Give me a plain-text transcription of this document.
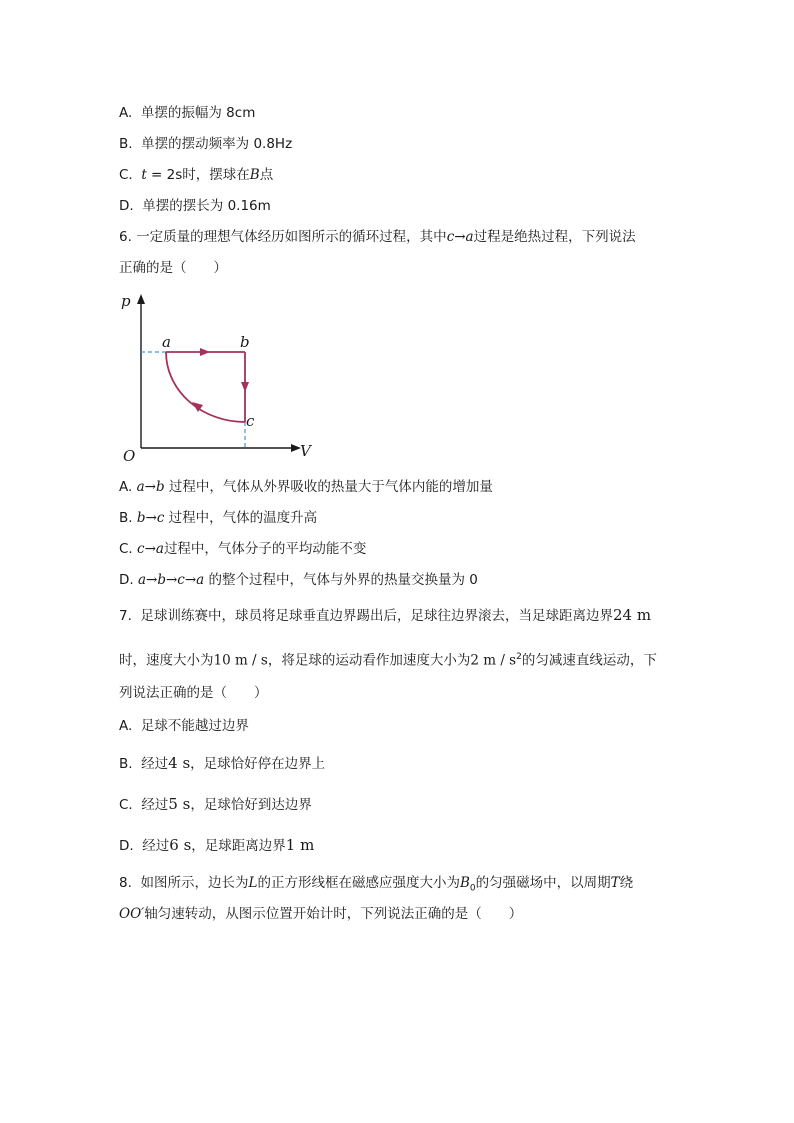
A. 单摆的振幅为 8cm
B. 单摆的摆动频率为 0.8Hz
C. t = 2s时，摆球在B点
D. 单摆的摆长为 0.16m
6. 一定质量的理想气体经历如图所示的循环过程，其中c→a过程是绝热过程，下列说法
正确的是（　　）
p
V
O
a	b
c
A. a→b 过程中，气体从外界吸收的热量大于气体内能的增加量
B. b→c 过程中，气体的温度升高
C. c→a过程中，气体分子的平均动能不变
D. a→b→c→a 的整个过程中，气体与外界的热量交换量为 0
7. 足球训练赛中，球员将足球垂直边界踢出后，足球往边界滚去，当足球距离边界24 m
时，速度大小为10 m / s，将足球的运动看作加速度大小为2 m / $s^2$的匀减速直线运动，下
列说法正确的是（　　）
A. 足球不能越过边界
B. 经过4 s，足球恰好停在边界上
C. 经过5 s，足球恰好到达边界
D. 经过6 s，足球距离边界1 m
8. 如图所示，边长为L的正方形线框在磁感应强度大小为$B_0$的匀强磁场中，以周期T绕
OO′轴匀速转动，从图示位置开始计时，下列说法正确的是（　　）
